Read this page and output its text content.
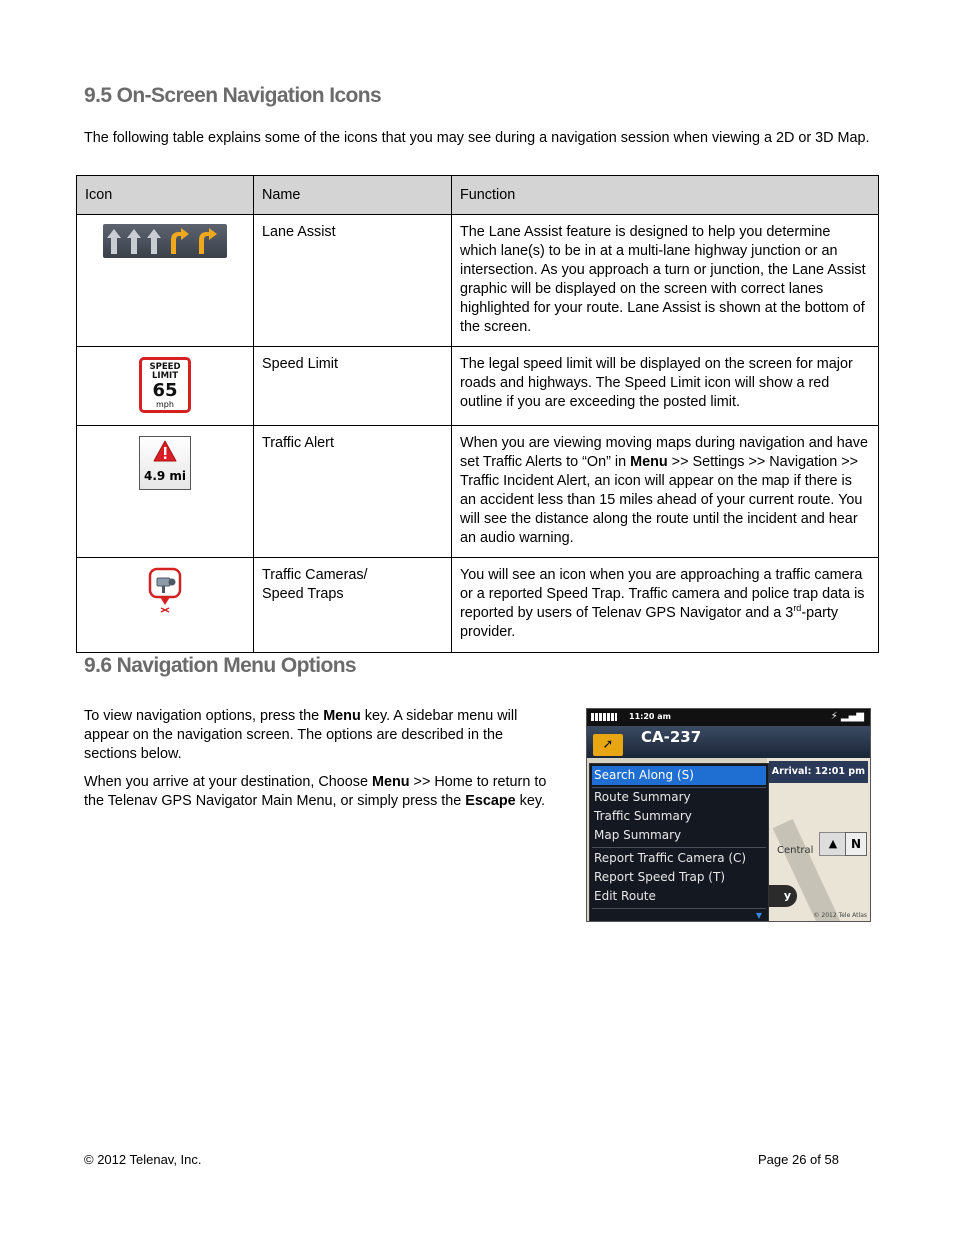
9.5 On-Screen Navigation Icons

The following table explains some of the icons that you may see during a navigation session when viewing a 2D or 3D Map.

Icon	Name	Function
	Lane Assist	The Lane Assist feature is designed to help you determine which lane(s) to be in at a multi-lane highway junction or an intersection. As you approach a turn or junction, the Lane Assist graphic will be displayed on the screen with correct lanes highlighted for your route. Lane Assist is shown at the bottom of the screen.

SPEED
LIMIT
65
mph	Speed Limit	The legal speed limit will be displayed on the screen for major roads and highways. The Speed Limit icon will show a red outline if you are exceeding the posted limit.

4.9 mi	Traffic Alert	When you are viewing moving maps during navigation and have set Traffic Alerts to “On” in Menu >> Settings >> Navigation >> Traffic Incident Alert, an icon will appear on the map if there is an accident less than 15 miles ahead of your current route. You will see the distance along the route until the incident and hear an audio warning.
	Traffic Cameras/
Speed Traps	You will see an icon when you are approaching a traffic camera or a reported Speed Trap. Traffic camera and police trap data is reported by users of Telenav GPS Navigator and a 3rd-party provider.
9.6 Navigation Menu Options

To view navigation options, press the Menu key. A sidebar menu will appear on the navigation screen. The options are described in the sections below.

When you arrive at your destination, Choose Menu >> Home to return to the Telenav GPS Navigator Main Menu, or simply press the Escape key.

11:20 am	⚡ ▂▄▆
➚	CA-237
Arrival: 12:01 pm
Central
▲	N
y
© 2012 Tele Atlas
Search Along (S)
Route Summary
Traffic Summary
Map Summary
Report Traffic Camera (C)
Report Speed Trap (T)
Edit Route
▼
© 2012 Telenav, Inc.	Page 26 of 58
